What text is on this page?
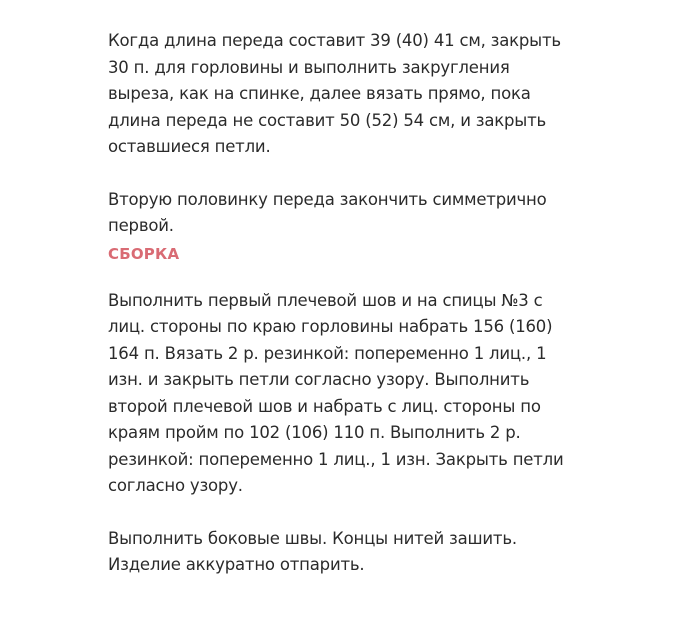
Когда длина переда составит 39 (40) 41 см, закрыть
30 п. для горловины и выполнить закругления
выреза, как на спинке, далее вязать прямо, пока
длина переда не составит 50 (52) 54 см, и закрыть
оставшиеся петли.
Вторую половинку переда закончить симметрично
первой.
СБОРКА
Выполнить первый плечевой шов и на спицы №3 с
лиц. стороны по краю горловины набрать 156 (160)
164 п. Вязать 2 р. резинкой: попеременно 1 лиц., 1
изн. и закрыть петли согласно узору. Выполнить
второй плечевой шов и набрать с лиц. стороны по
краям пройм по 102 (106) 110 п. Выполнить 2 р.
резинкой: попеременно 1 лиц., 1 изн. Закрыть петли
согласно узору.
Выполнить боковые швы. Концы нитей зашить.
Изделие аккуратно отпарить.
